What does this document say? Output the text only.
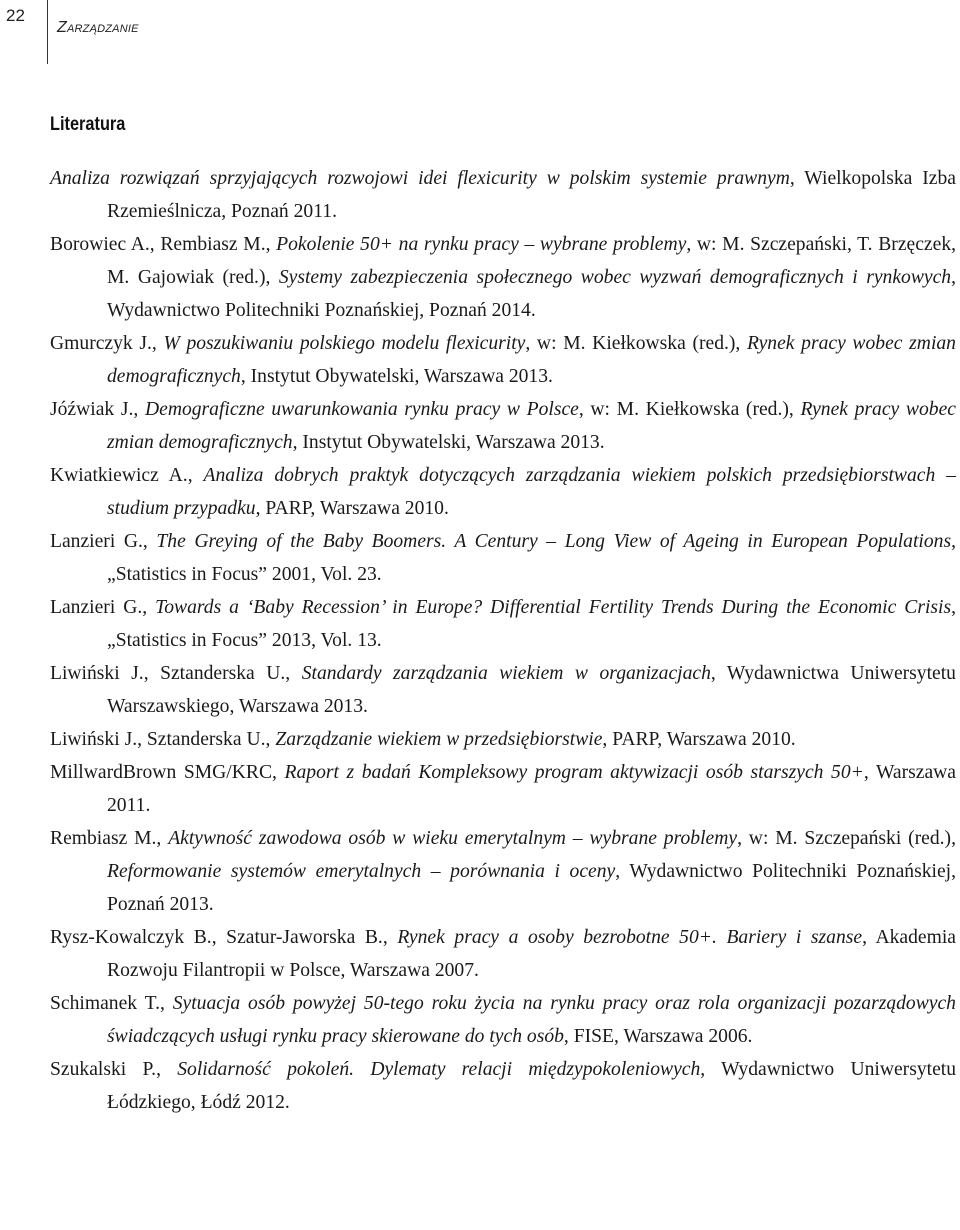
22
Zarządzanie
Literatura
Analiza rozwiązań sprzyjających rozwojowi idei flexicurity w polskim systemie prawnym, Wielkopolska Izba Rzemieślnicza, Poznań 2011.
Borowiec A., Rembiasz M., Pokolenie 50+ na rynku pracy – wybrane problemy, w: M. Szczepański, T. Brzęczek, M. Gajowiak (red.), Systemy zabezpieczenia społecznego wobec wyzwań demograficznych i rynkowych, Wydawnictwo Politechniki Poznańskiej, Poznań 2014.
Gmurczyk J., W poszukiwaniu polskiego modelu flexicurity, w: M. Kiełkowska (red.), Rynek pracy wobec zmian demograficznych, Instytut Obywatelski, Warszawa 2013.
Jóźwiak J., Demograficzne uwarunkowania rynku pracy w Polsce, w: M. Kiełkowska (red.), Rynek pracy wobec zmian demograficznych, Instytut Obywatelski, Warszawa 2013.
Kwiatkiewicz A., Analiza dobrych praktyk dotyczących zarządzania wiekiem polskich przedsiębiorstwach – studium przypadku, PARP, Warszawa 2010.
Lanzieri G., The Greying of the Baby Boomers. A Century – Long View of Ageing in European Populations, „Statistics in Focus” 2001, Vol. 23.
Lanzieri G., Towards a ‘Baby Recession’ in Europe? Differential Fertility Trends During the Economic Crisis, „Statistics in Focus” 2013, Vol. 13.
Liwiński J., Sztanderska U., Standardy zarządzania wiekiem w organizacjach, Wydawnictwa Uniwersytetu Warszawskiego, Warszawa 2013.
Liwiński J., Sztanderska U., Zarządzanie wiekiem w przedsiębiorstwie, PARP, Warszawa 2010.
MillwardBrown SMG/KRC, Raport z badań Kompleksowy program aktywizacji osób starszych 50+, Warszawa 2011.
Rembiasz M., Aktywność zawodowa osób w wieku emerytalnym – wybrane problemy, w: M. Szczepański (red.), Reformowanie systemów emerytalnych – porównania i oceny, Wydawnictwo Politechniki Poznańskiej, Poznań 2013.
Rysz-Kowalczyk B., Szatur-Jaworska B., Rynek pracy a osoby bezrobotne 50+. Bariery i szanse, Akademia Rozwoju Filantropii w Polsce, Warszawa 2007.
Schimanek T., Sytuacja osób powyżej 50-tego roku życia na rynku pracy oraz rola organizacji pozarządowych świadczących usługi rynku pracy skierowane do tych osób, FISE, Warszawa 2006.
Szukalski P., Solidarność pokoleń. Dylematy relacji międzypokoleniowych, Wydawnictwo Uniwersytetu Łódzkiego, Łódź 2012.
